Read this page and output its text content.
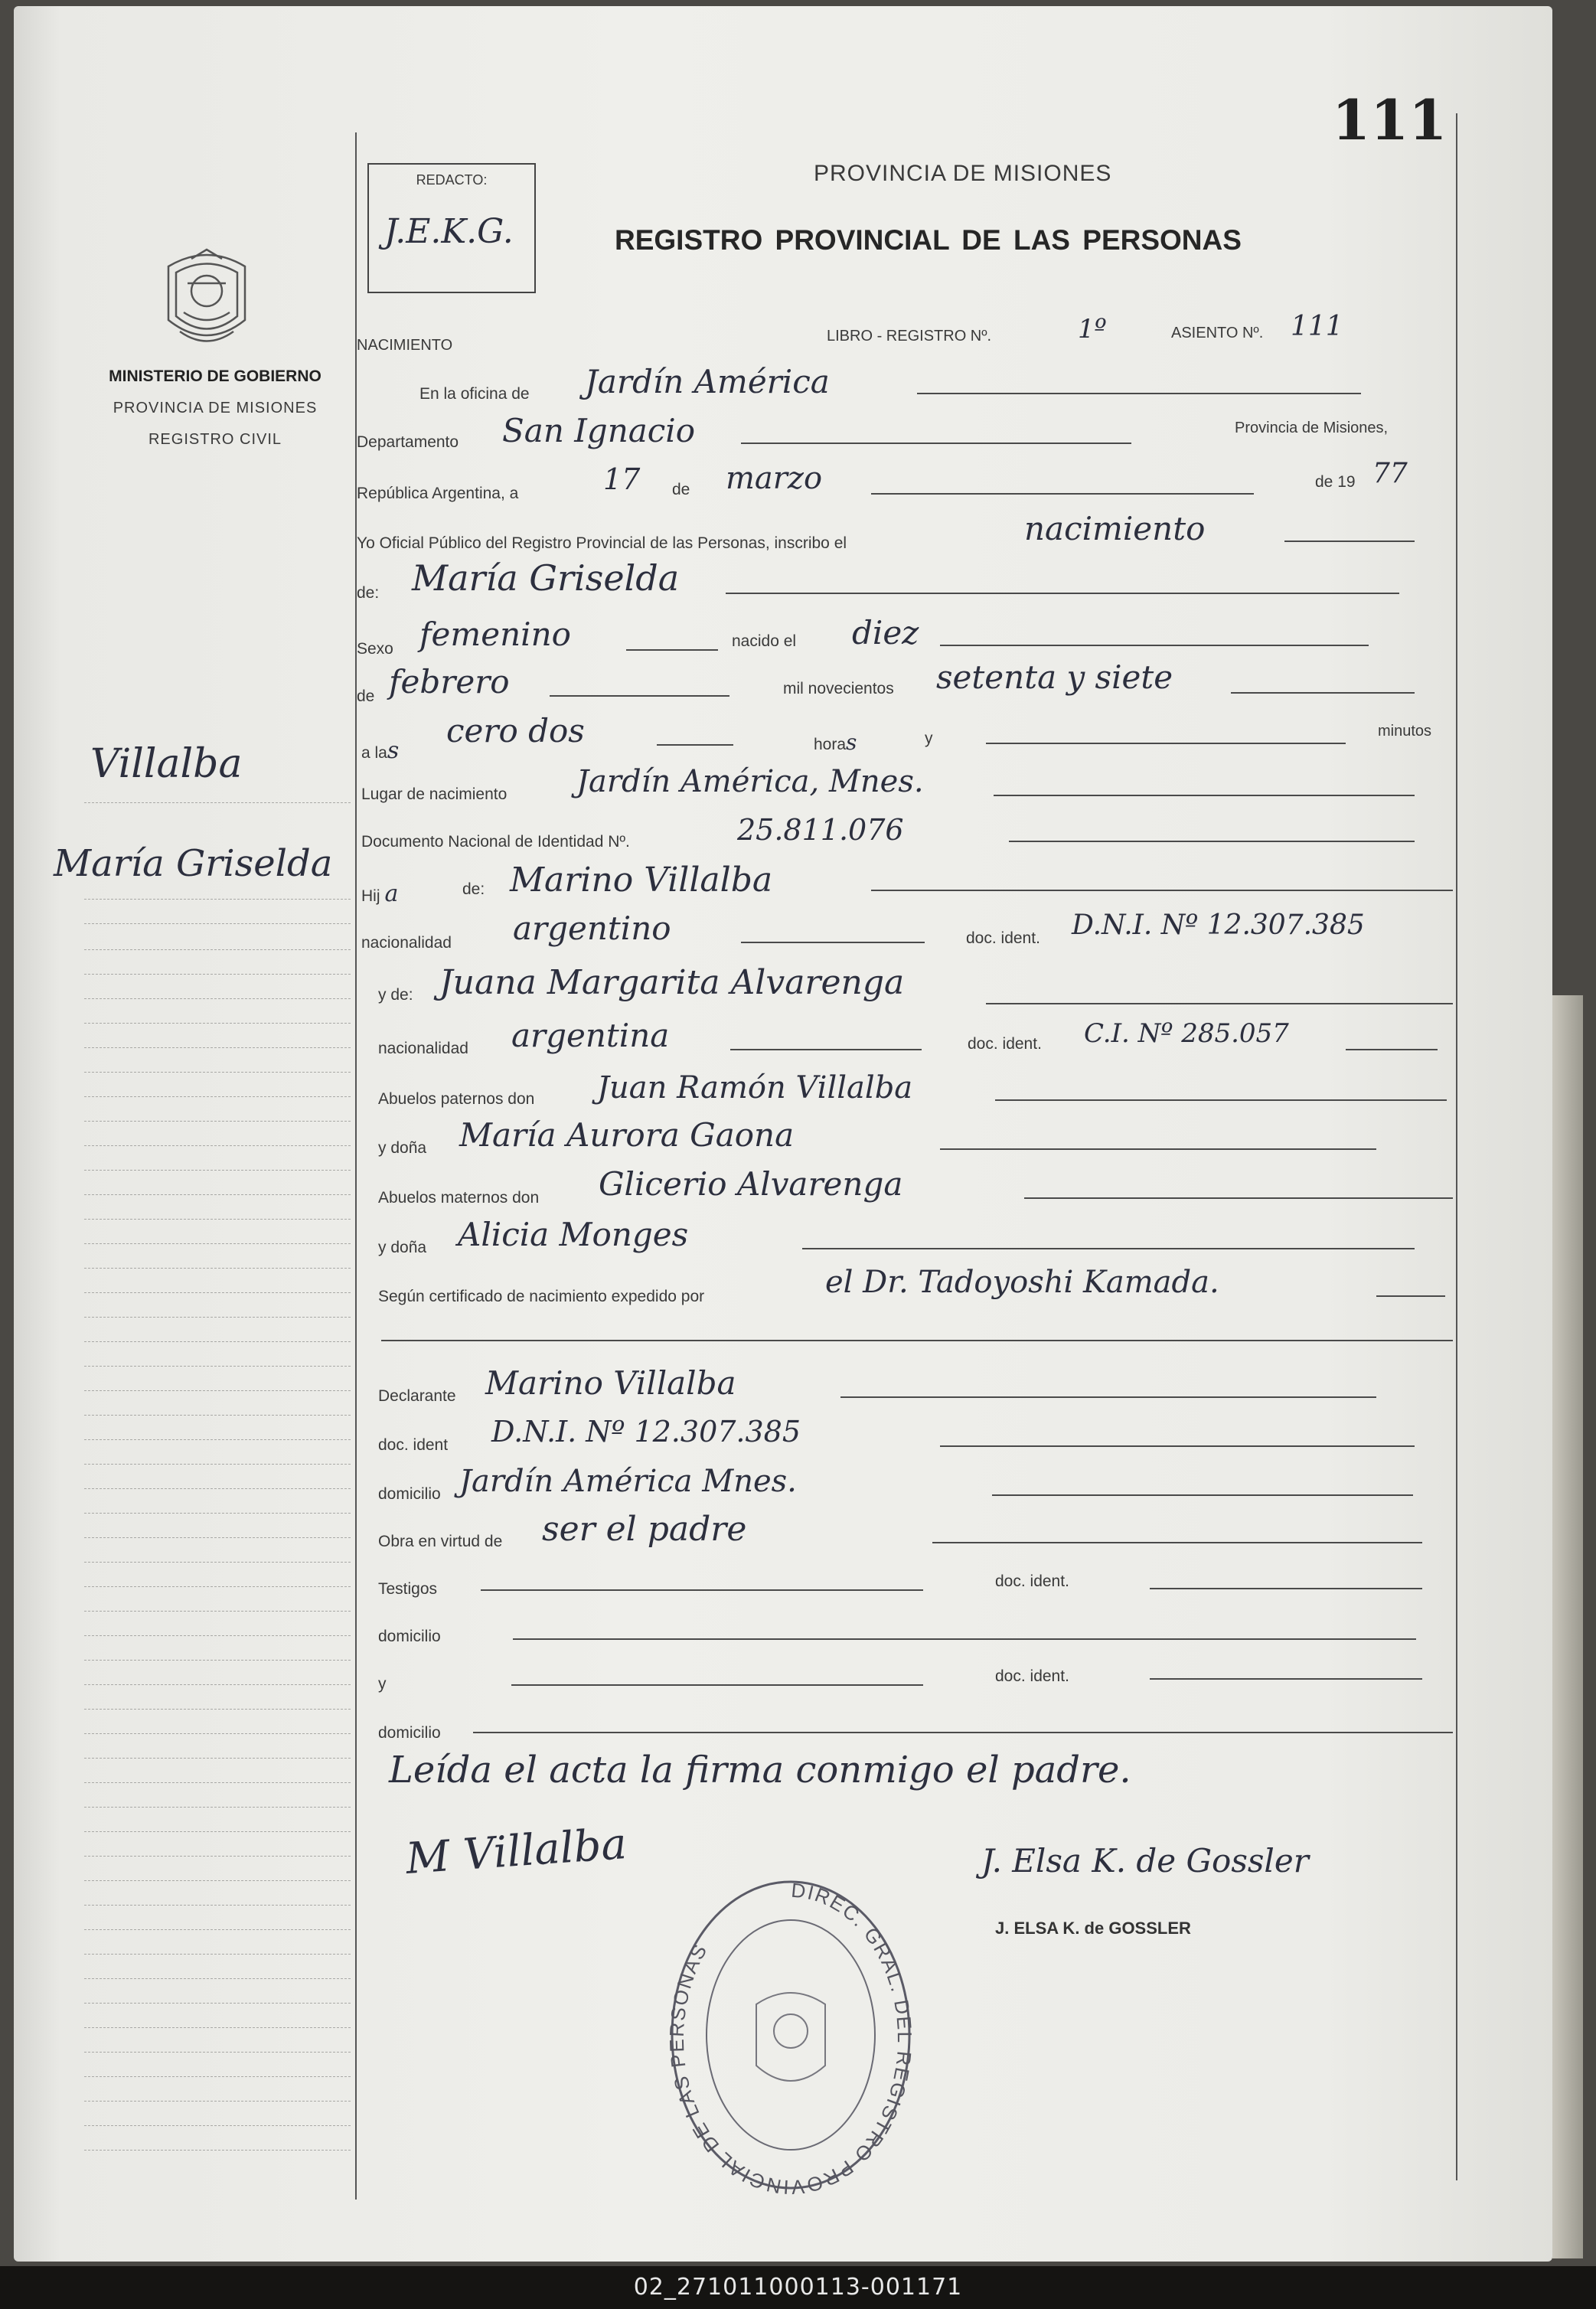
111
MINISTERIO DE GOBIERNO
PROVINCIA DE MISIONES
REGISTRO CIVIL
Villalba
María Griselda
REDACTO:
J.E.K.G.
PROVINCIA DE MISIONES
REGISTRO PROVINCIAL DE LAS PERSONAS
NACIMIENTO
LIBRO - REGISTRO Nº.	1º	ASIENTO Nº. 111
En la oficina de Jardín América
Departamento San Ignacio	Provincia de Misiones,
República Argentina, a	17 de marzo	de 19 77
Yo Oficial Público del Registro Provincial de las Personas, inscribo el	nacimiento
de: María Griselda
Sexo femenino	nacido el diez
de febrero	mil novecientos setenta y siete
a las
cero dos	horas	y	minutos
Lugar de nacimiento Jardín América, Mnes.
Documento Nacional de Identidad Nº.	25.811.076
Hij a	de: Marino Villalba
nacionalidad argentino	doc. ident. D.N.I. Nº 12.307.385
y de: Juana Margarita Alvarenga
nacionalidad argentina	doc. ident. C.I. Nº 285.057
Abuelos paternos don Juan Ramón Villalba
y doña María Aurora Gaona
Abuelos maternos don Glicerio Alvarenga
y doña Alicia Monges
Según certificado de nacimiento expedido por	el Dr. Tadoyoshi Kamada.
Declarante Marino Villalba
doc. ident D.N.I. Nº 12.307.385
domicilio Jardín América Mnes.
Obra en virtud de ser el padre
Testigos	doc. ident.
domicilio
y	doc. ident.
domicilio
Leída el acta la firma conmigo el padre.
M Villalba	J. Elsa K. de Gossler
J. ELSA K. de GOSSLER
DIREC. GRAL. DEL REGISTRO PROVINCIAL DE LAS PERSONAS
02_271011000113-001171
